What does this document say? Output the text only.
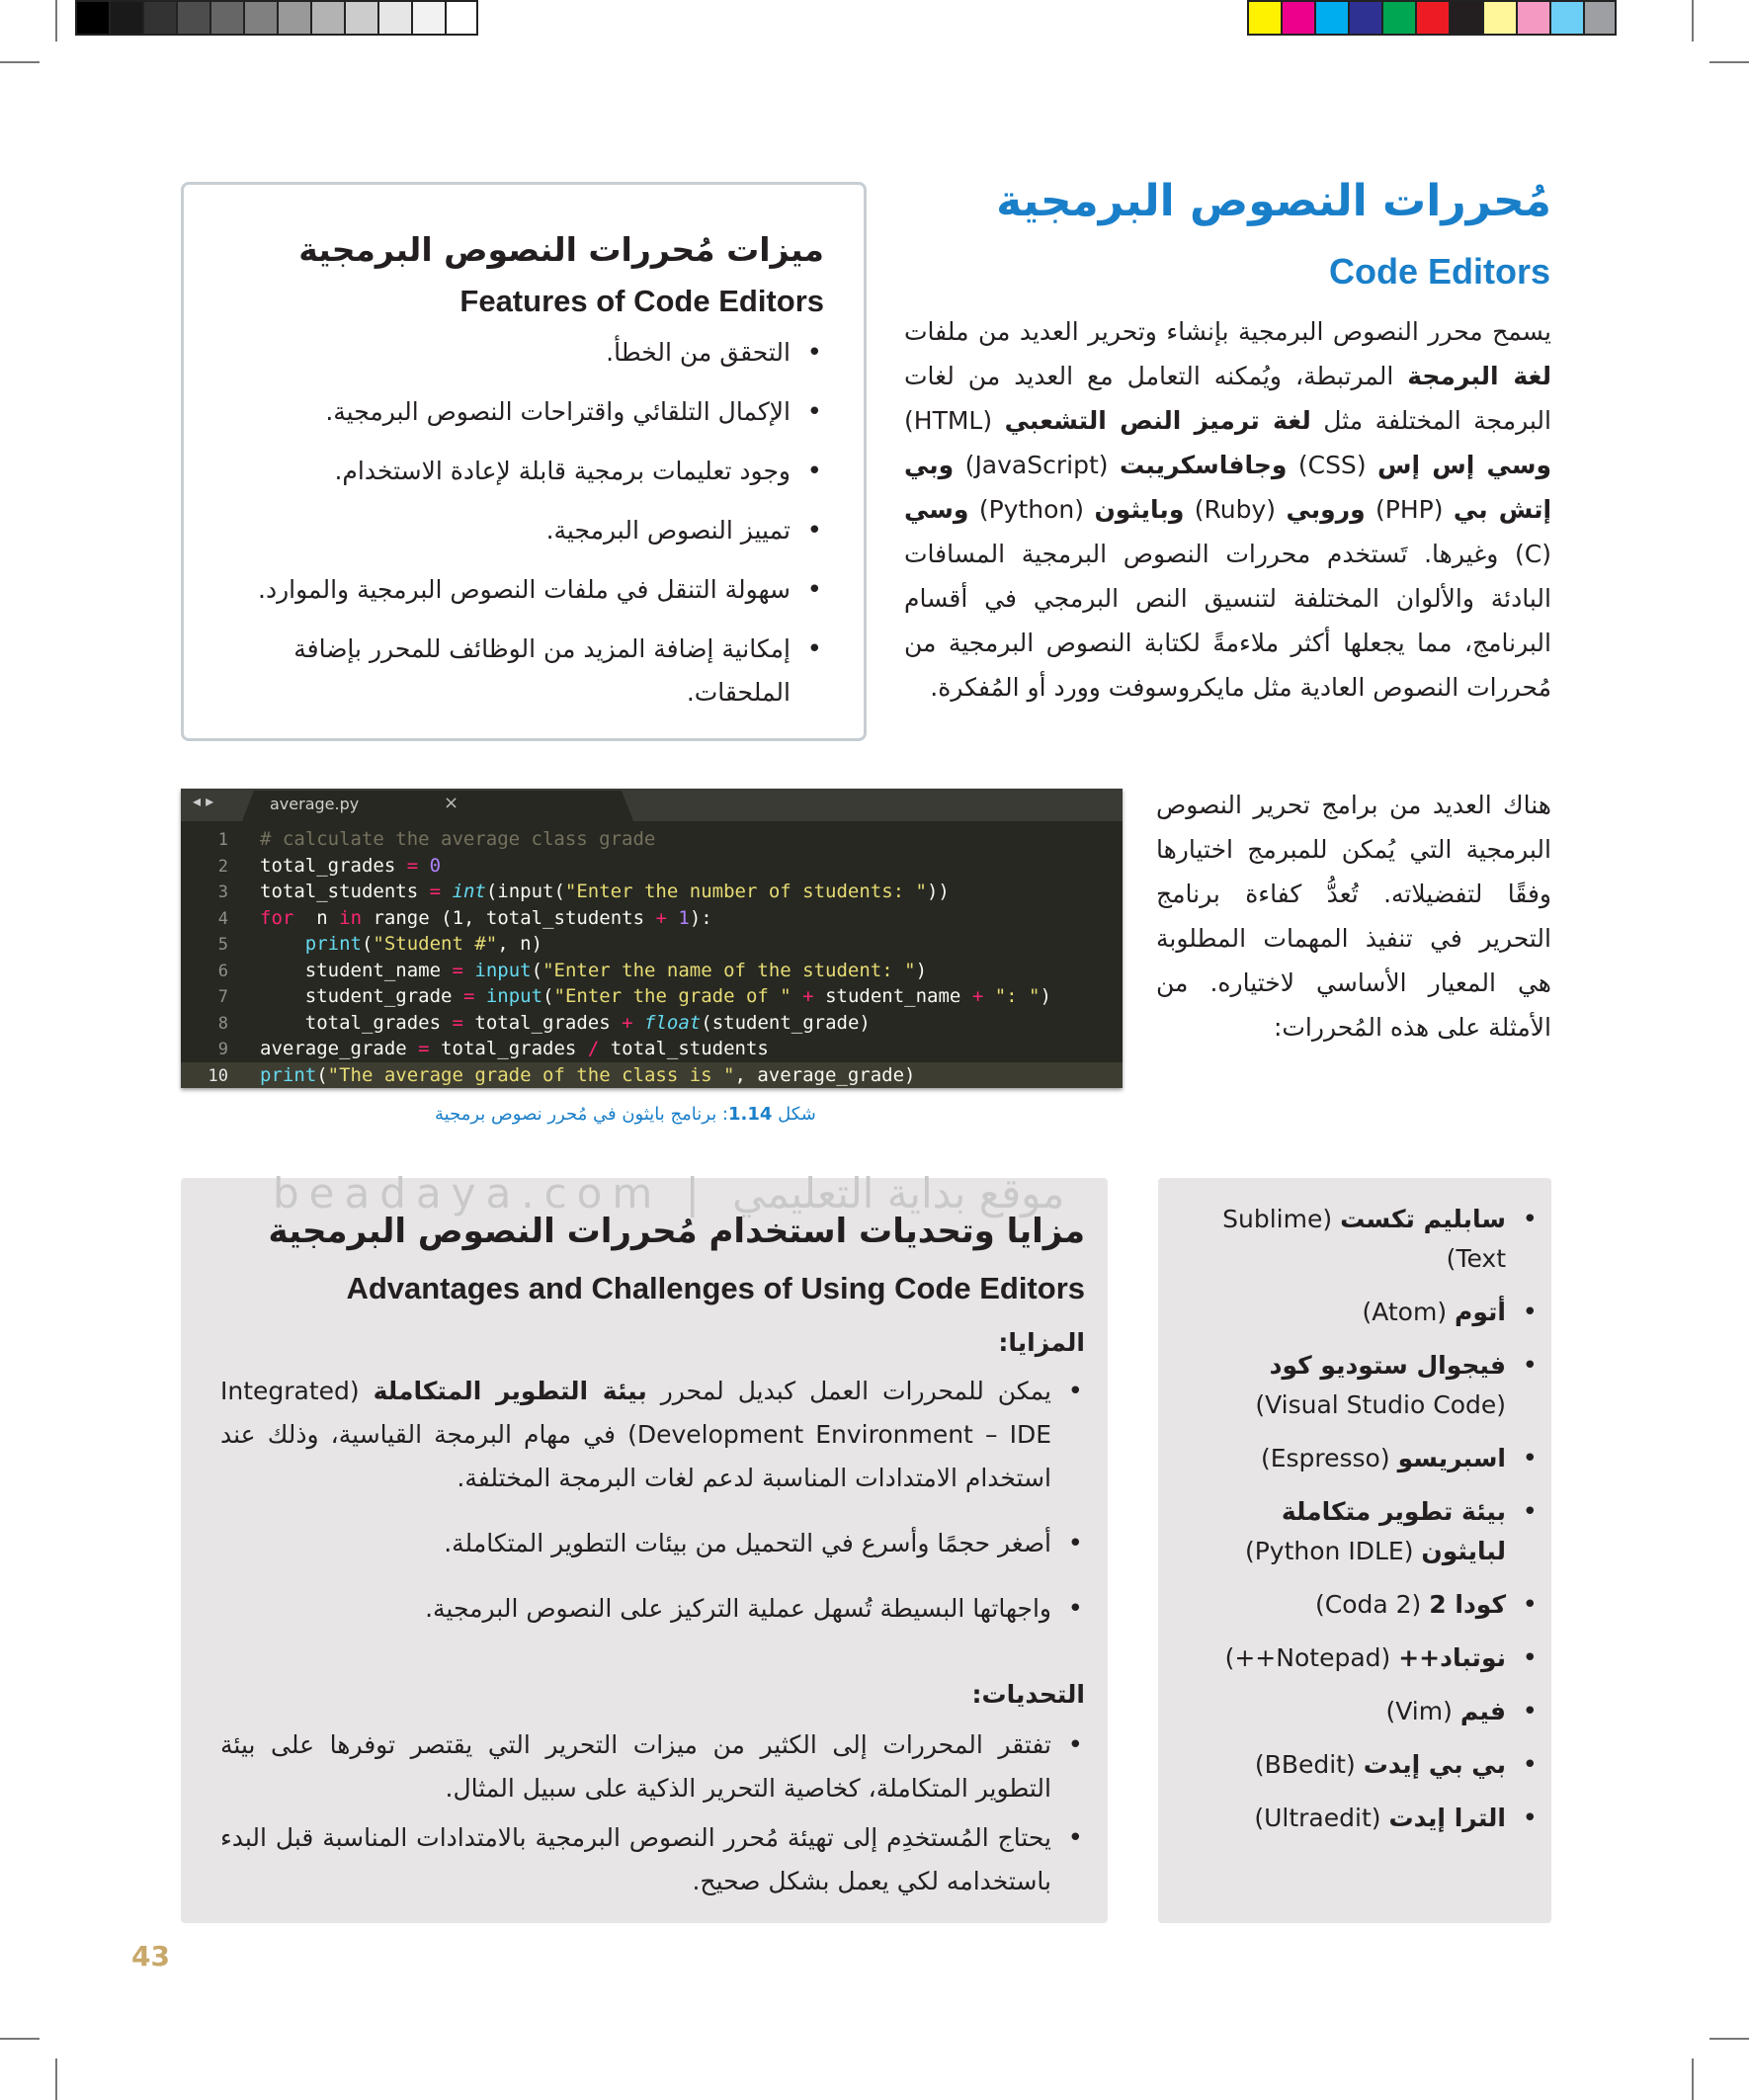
مُحررات النصوص البرمجية
Code Editors
يسمح محرر النصوص البرمجية بإنشاء وتحرير العديد من ملفات لغة البرمجة المرتبطة، ويُمكنه التعامل مع العديد من لغات البرمجة المختلفة مثل لغة ترميز النص التشعبي (HTML) وسي إس إس (CSS) وجافاسكريبت (JavaScript) وبي إتش بي (PHP) وروبي (Ruby) وبايثون (Python) وسي (C) وغيرها. تَستخدم محررات النصوص البرمجية المسافات البادئة والألوان المختلفة لتنسيق النص البرمجي في أقسام البرنامج، مما يجعلها أكثر ملاءمةً لكتابة النصوص البرمجية من مُحررات النصوص العادية مثل مايكروسوفت وورد أو المُفكرة.
هناك العديد من برامج تحرير النصوص البرمجية التي يُمكن للمبرمج اختيارها وفقًا لتفضيلاته. تُعدُّ كفاءة برنامج التحرير في تنفيذ المهمات المطلوبة هي المعيار الأساسي لاختياره. من الأمثلة على هذه المُحررات:
ميزات مُحررات النصوص البرمجية
Features of Code Editors
• التحقق من الخطأ.
• الإكمال التلقائي واقتراحات النصوص البرمجية.
• وجود تعليمات برمجية قابلة لإعادة الاستخدام.
• تمييز النصوص البرمجية.
• سهولة التنقل في ملفات النصوص البرمجية والموارد.
• إمكانية إضافة المزيد من الوظائف للمحرر بإضافة الملحقات.
◂ ▸	average.py	×
1 # calculate the average class grade
2 total_grades = 0
3 total_students = int(input("Enter the number of students: "))
4 for n in range (1, total_students + 1):
5	print("Student #", n)
6	student_name = input("Enter the name of the student: ")
7	student_grade = input("Enter the grade of " + student_name + ": ")
8	total_grades = total_grades + float(student_grade)
9 average_grade = total_grades / total_students
10 print("The average grade of the class is ", average_grade)
شكل 1.14: برنامج بايثون في مُحرر نصوص برمجية
beadaya.com | موقع بداية التعليمي
مزايا وتحديات استخدام مُحررات النصوص البرمجية
Advantages and Challenges of Using Code Editors
المزايا:
• يمكن للمحررات العمل كبديل لمحرر بيئة التطوير المتكاملة (Integrated Development Environment – IDE) في مهام البرمجة القياسية، وذلك عند استخدام الامتدادات المناسبة لدعم لغات البرمجة المختلفة.
• أصغر حجمًا وأسرع في التحميل من بيئات التطوير المتكاملة.
• واجهاتها البسيطة تُسهل عملية التركيز على النصوص البرمجية.
التحديات:
• تفتقر المحررات إلى الكثير من ميزات التحرير التي يقتصر توفرها على بيئة التطوير المتكاملة، كخاصية التحرير الذكية على سبيل المثال.
• يحتاج المُستخدِم إلى تهيئة مُحرر النصوص البرمجية بالامتدادات المناسبة قبل البدء باستخدامه لكي يعمل بشكل صحيح.
• سابليم تكست (Sublime Text)
• أتوم (Atom)
• فيجوال ستوديو كود (Visual Studio Code)
• اسبريسو (Espresso)
• بيئة تطوير متكاملة لبايثون (Python IDLE)
• كودا 2 (Coda 2)
• نوتباد++ (Notepad++)
• فيم (Vim)
• بي بي إيدت (BBedit)
• الترا إيدت (Ultraedit)
43
